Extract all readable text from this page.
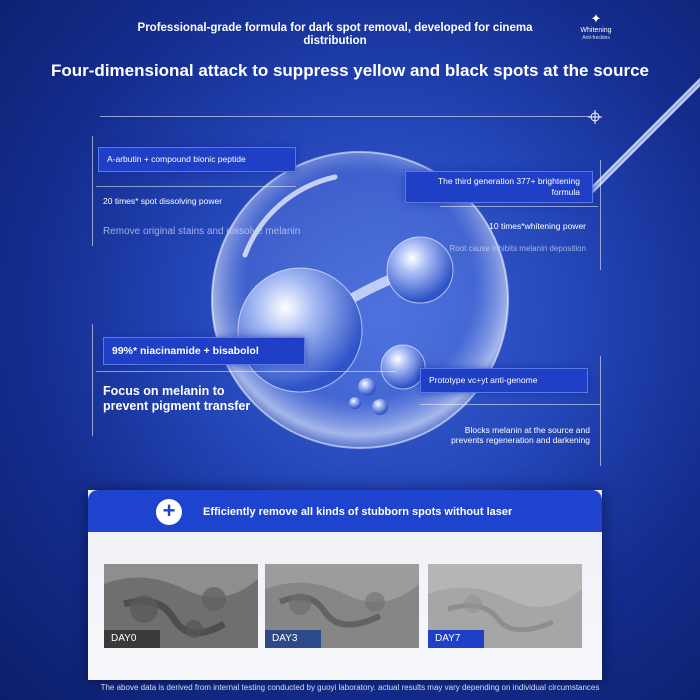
Professional-grade formula for dark spot removal, developed for cinema distribution
✦
Whitening
Anti-freckles
Four-dimensional attack to suppress yellow and black spots at the source
A-arbutin + compound bionic peptide
20 times* spot dissolving power
Remove original stains and dissolve melanin
The third generation 377+ brightening formula
10 times*whitening power
Root cause inhibits melanin deposition
99%* niacinamide + bisabolol
Focus on melanin to prevent pigment transfer
Prototype vc+yt anti-genome
Blocks melanin at the source and prevents regeneration and darkening
+	Efficiently remove all kinds of stubborn spots without laser
DAY0	DAY3	DAY7
The above data is derived from internal testing conducted by guoyi laboratory. actual results may vary depending on individual circumstances
